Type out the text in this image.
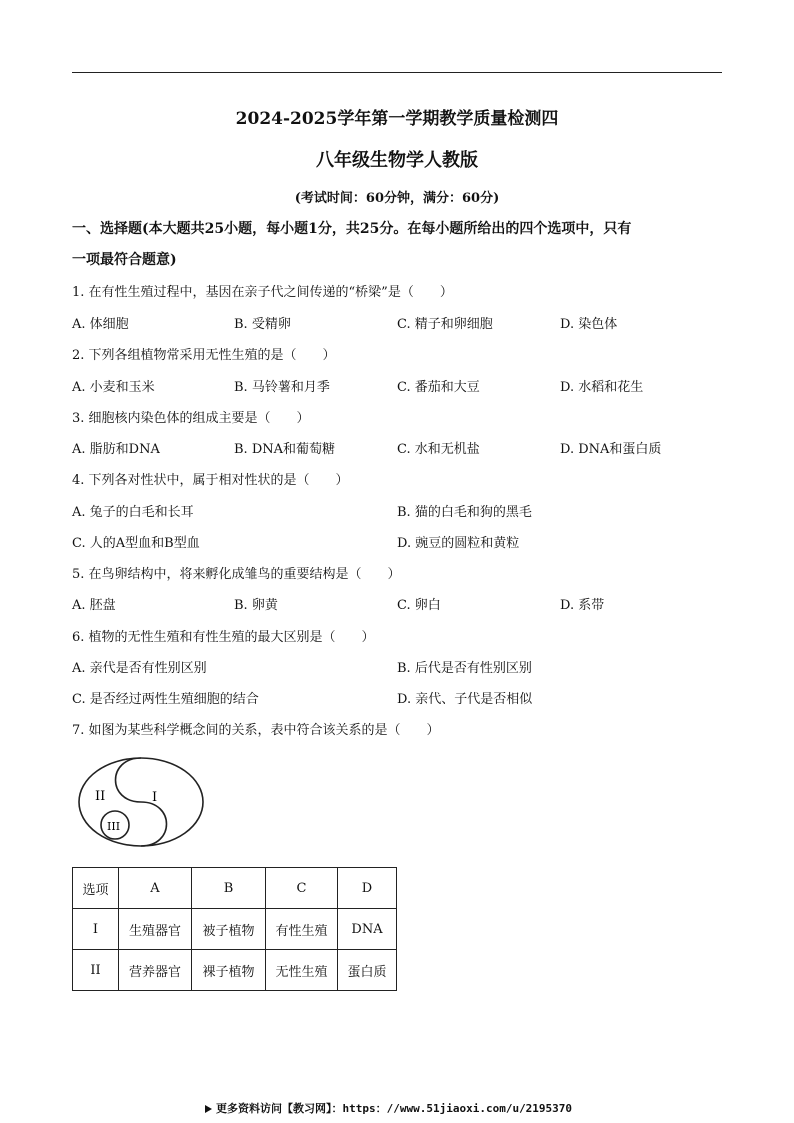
2024-2025学年第一学期教学质量检测四
八年级生物学人教版
(考试时间：60分钟，满分：60分)
一、选择题(本大题共25小题，每小题1分，共25分。在每小题所给出的四个选项中，只有
一项最符合题意)
1. 在有性生殖过程中，基因在亲子代之间传递的“桥梁”是（　　）
A. 体细胞	B. 受精卵	C. 精子和卵细胞	D. 染色体
2. 下列各组植物常采用无性生殖的是（　　）
A. 小麦和玉米	B. 马铃薯和月季	C. 番茄和大豆	D. 水稻和花生
3. 细胞核内染色体的组成主要是（　　）
A. 脂肪和DNA	B. DNA和葡萄糖	C. 水和无机盐	D. DNA和蛋白质
4. 下列各对性状中，属于相对性状的是（　　）
A. 兔子的白毛和长耳	B. 猫的白毛和狗的黑毛
C. 人的A型血和B型血	D. 豌豆的圆粒和黄粒
5. 在鸟卵结构中，将来孵化成雏鸟的重要结构是（　　）
A. 胚盘	B. 卵黄	C. 卵白	D. 系带
6. 植物的无性生殖和有性生殖的最大区别是（　　）
A. 亲代是否有性别区别	B. 后代是否有性别区别
C. 是否经过两性生殖细胞的结合	D. 亲代、子代是否相似
7. 如图为某些科学概念间的关系，表中符合该关系的是（　　）
II	I
III
选项	A	B	C	D
I	生殖器官	被子植物	有性生殖	DNA
II	营养器官	裸子植物	无性生殖	蛋白质
更多资料访问【教习网】：https：//www.51jiaoxi.com/u/2195370
